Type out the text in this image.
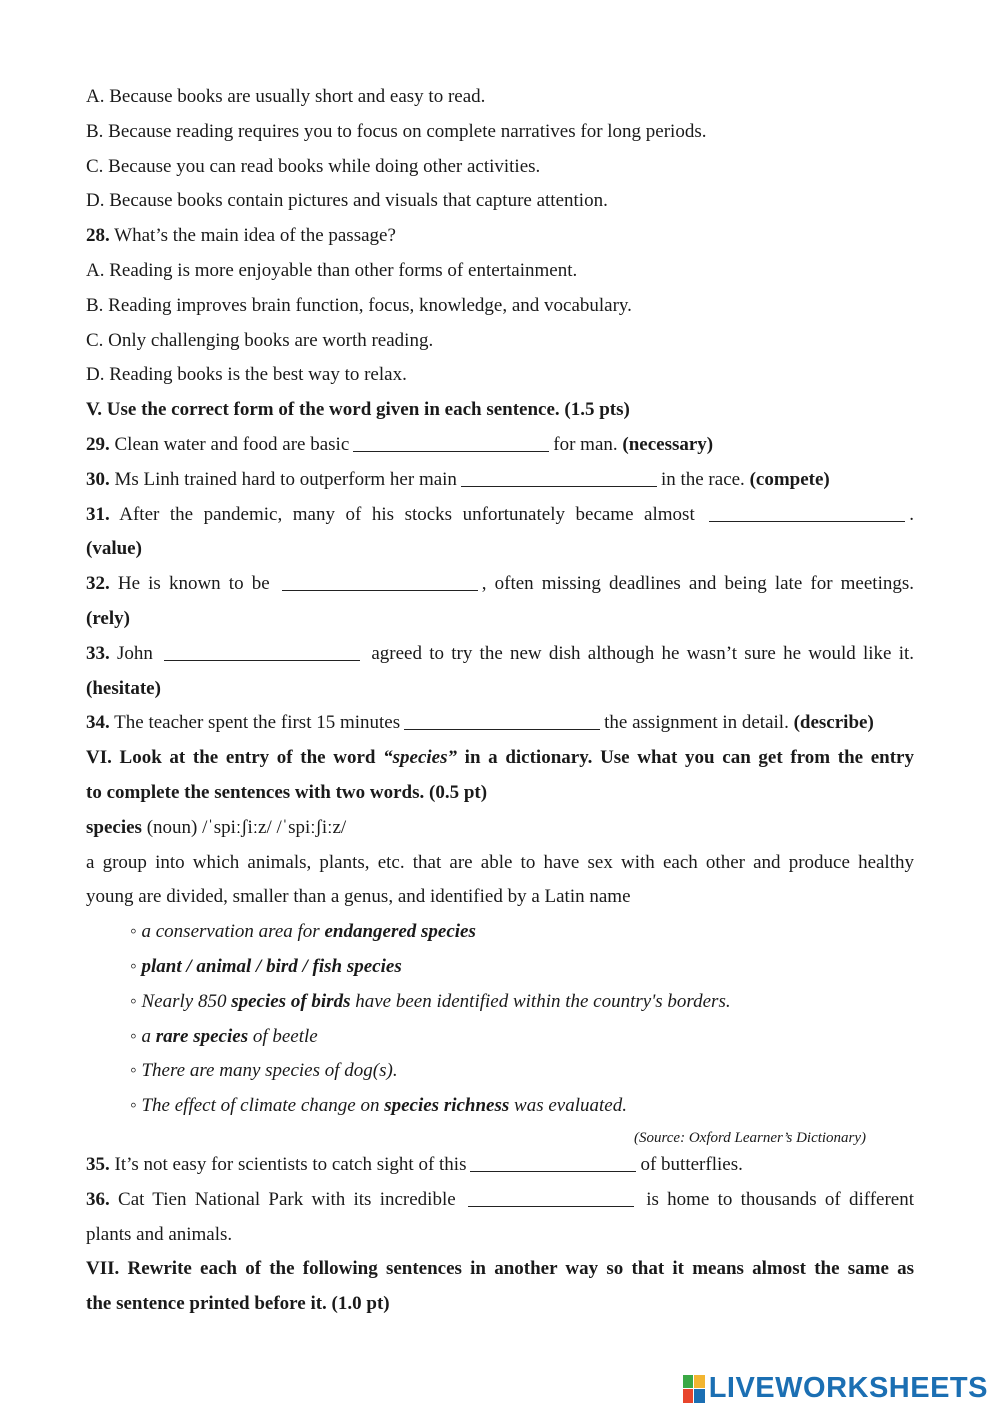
A. Because books are usually short and easy to read.
B. Because reading requires you to focus on complete narratives for long periods.
C. Because you can read books while doing other activities.
D. Because books contain pictures and visuals that capture attention.
28. What’s the main idea of the passage?
A. Reading is more enjoyable than other forms of entertainment.
B. Reading improves brain function, focus, knowledge, and vocabulary.
C. Only challenging books are worth reading.
D. Reading books is the best way to relax.
V. Use the correct form of the word given in each sentence. (1.5 pts)
29. Clean water and food are basic	for man. (necessary)
30. Ms Linh trained hard to outperform her main	in the race. (compete)
31. After the pandemic, many of his stocks unfortunately became almost	.
(value)
32. He is known to be	, often missing deadlines and being late for meetings.
(rely)
33. John	agreed to try the new dish although he wasn’t sure he would like it.
(hesitate)
34. The teacher spent the first 15 minutes	the assignment in detail. (describe)
VI. Look at the entry of the word “species” in a dictionary. Use what you can get from the entry
to complete the sentences with two words. (0.5 pt)
species (noun) /ˈspiːʃiːz/ /ˈspiːʃiːz/
a group into which animals, plants, etc. that are able to have sex with each other and produce healthy
young are divided, smaller than a genus, and identified by a Latin name
◦ a conservation area for endangered species
◦ plant / animal / bird / fish species
◦ Nearly 850 species of birds have been identified within the country's borders.
◦ a rare species of beetle
◦ There are many species of dog(s).
◦ The effect of climate change on species richness was evaluated.
35. It’s not easy for scientists to catch sight of this	of butterflies.
36. Cat Tien National Park with its incredible	is home to thousands of different
plants and animals.
VII. Rewrite each of the following sentences in another way so that it means almost the same as
the sentence printed before it. (1.0 pt)
(Source: Oxford Learner’s Dictionary)
LIVEWORKSHEETS
